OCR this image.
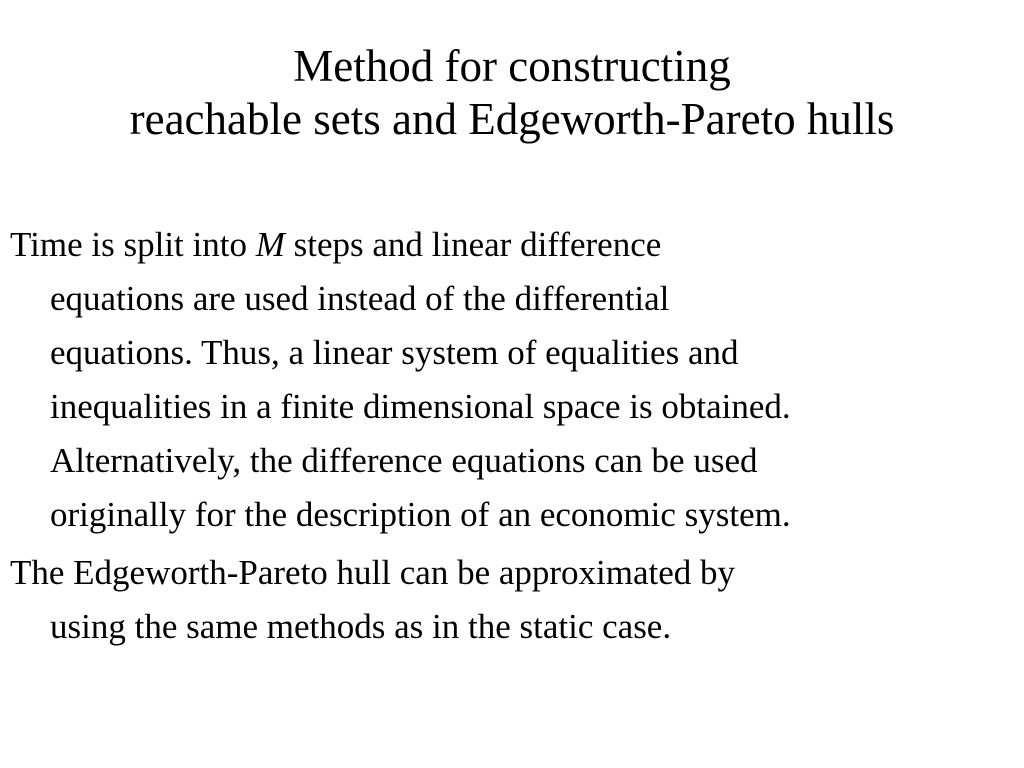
Method for constructing
reachable sets and Edgeworth-Pareto hulls

Time is split into M steps and linear difference
equations are used instead of the differential
equations. Thus, a linear system of equalities and
inequalities in a finite dimensional space is obtained.
Alternatively, the difference equations can be used
originally for the description of an economic system.

The Edgeworth-Pareto hull can be approximated by
using the same methods as in the static case.
